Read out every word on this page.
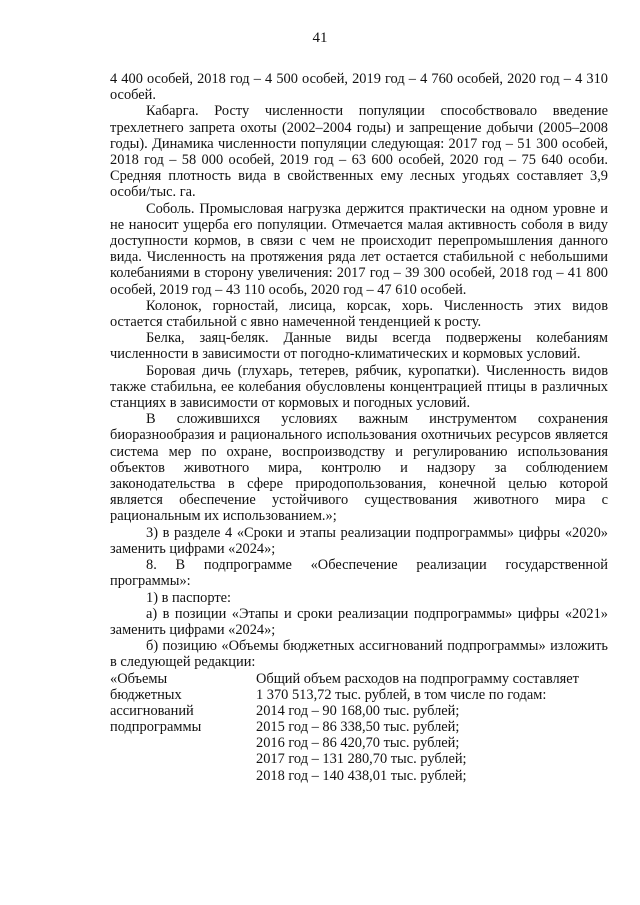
41

4 400 особей, 2018 год – 4 500 особей, 2019 год – 4 760 особей, 2020 год – 4 310 особей.

Кабарга. Росту численности популяции способствовало введение трехлетнего запрета охоты (2002–2004 годы) и запрещение добычи (2005–2008 годы). Динамика численности популяции следующая: 2017 год – 51 300 особей, 2018 год – 58 000 особей, 2019 год – 63 600 особей, 2020 год – 75 640 особи. Средняя плотность вида в свойственных ему лесных угодьях составляет 3,9 особи/тыс. га.

Соболь. Промысловая нагрузка держится практически на одном уровне и не наносит ущерба его популяции. Отмечается малая активность соболя в виду доступности кормов, в связи с чем не происходит перепромышления данного вида. Численность на протяжения ряда лет остается стабильной с небольшими колебаниями в сторону увеличения: 2017 год – 39 300 особей, 2018 год – 41 800 особей, 2019 год – 43 110 особь, 2020 год – 47 610 особей.

Колонок, горностай, лисица, корсак, хорь. Численность этих видов остается стабильной с явно намеченной тенденцией к росту.

Белка, заяц-беляк. Данные виды всегда подвержены колебаниям численности в зависимости от погодно-климатических и кормовых условий.

Боровая дичь (глухарь, тетерев, рябчик, куропатки). Численность видов также стабильна, ее колебания обусловлены концентрацией птицы в различных станциях в зависимости от кормовых и погодных условий.

В сложившихся условиях важным инструментом сохранения биоразнообразия и рационального использования охотничьих ресурсов является система мер по охране, воспроизводству и регулированию использования объектов животного мира, контролю и надзору за соблюдением законодательства в сфере природопользования, конечной целью которой является обеспечение устойчивого существования животного мира с рациональным их использованием.»;

3) в разделе 4 «Сроки и этапы реализации подпрограммы» цифры «2020» заменить цифрами «2024»;

8. В подпрограмме «Обеспечение реализации государственной программы»:

1) в паспорте:

а) в позиции «Этапы и сроки реализации подпрограммы» цифры «2021» заменить цифрами «2024»;

б) позицию «Объемы бюджетных ассигнований подпрограммы» изложить в следующей редакции:

«Объемы
бюджетных
ассигнований
подпрограммы
Общий объем расходов на подпрограмму составляет
1 370 513,72 тыс. рублей, в том числе по годам:
2014 год – 90 168,00 тыс. рублей;
2015 год – 86 338,50 тыс. рублей;
2016 год – 86 420,70 тыс. рублей;
2017 год – 131 280,70 тыс. рублей;
2018 год – 140 438,01 тыс. рублей;
